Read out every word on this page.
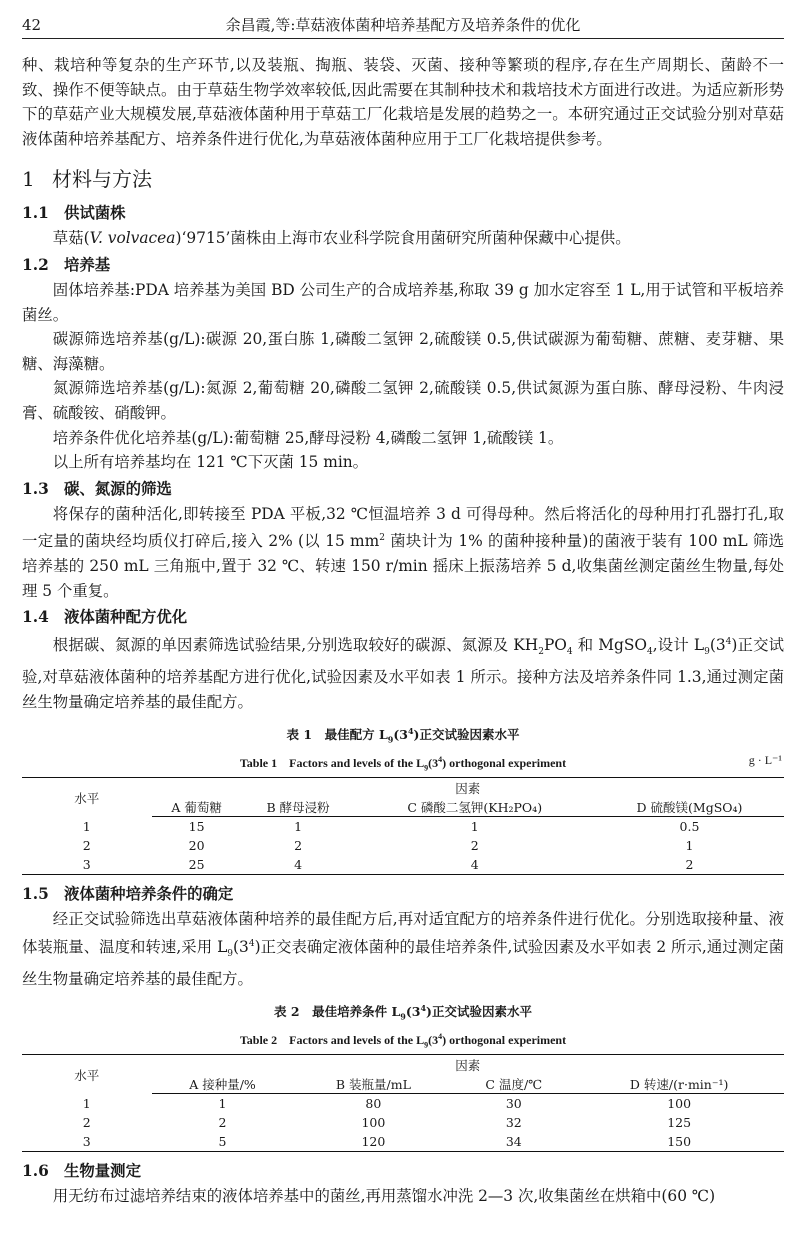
42	余昌霞,等:草菇液体菌种培养基配方及培养条件的优化

种、栽培种等复杂的生产环节,以及装瓶、掏瓶、装袋、灭菌、接种等繁琐的程序,存在生产周期长、菌龄不一致、操作不便等缺点。由于草菇生物学效率较低,因此需要在其制种技术和栽培技术方面进行改进。为适应新形势下的草菇产业大规模发展,草菇液体菌种用于草菇工厂化栽培是发展的趋势之一。本研究通过正交试验分别对草菇液体菌种培养基配方、培养条件进行优化,为草菇液体菌种应用于工厂化栽培提供参考。

1 材料与方法
1.1 供试菌株

草菇(V. volvacea)‘9715’菌株由上海市农业科学院食用菌研究所菌种保藏中心提供。

1.2 培养基

固体培养基:PDA 培养基为美国 BD 公司生产的合成培养基,称取 39 g 加水定容至 1 L,用于试管和平板培养菌丝。

碳源筛选培养基(g/L):碳源 20,蛋白胨 1,磷酸二氢钾 2,硫酸镁 0.5,供试碳源为葡萄糖、蔗糖、麦芽糖、果糖、海藻糖。

氮源筛选培养基(g/L):氮源 2,葡萄糖 20,磷酸二氢钾 2,硫酸镁 0.5,供试氮源为蛋白胨、酵母浸粉、牛肉浸膏、硫酸铵、硝酸钾。

培养条件优化培养基(g/L):葡萄糖 25,酵母浸粉 4,磷酸二氢钾 1,硫酸镁 1。

以上所有培养基均在 121 ℃下灭菌 15 min。

1.3 碳、氮源的筛选

将保存的菌种活化,即转接至 PDA 平板,32 ℃恒温培养 3 d 可得母种。然后将活化的母种用打孔器打孔,取一定量的菌块经均质仪打碎后,接入 2% (以 15 $mm^2$ 菌块计为 1% 的菌种接种量)的菌液于装有 100 mL 筛选培养基的 250 mL 三角瓶中,置于 32 ℃、转速 150 r/min 摇床上振荡培养 5 d,收集菌丝测定菌丝生物量,每处理 5 个重复。

1.4 液体菌种配方优化

根据碳、氮源的单因素筛选试验结果,分别选取较好的碳源、氮源及 $KH_2PO_4$ 和 MgSO$_4$,设计 $L_9(3^4)$正交试验,对草菇液体菌种的培养基配方进行优化,试验因素及水平如表 1 所示。接种方法及培养条件同 1.3,通过测定菌丝生物量确定培养基的最佳配方。

表 1　最佳配方 $L_9(3^4)$正交试验因素水平
Table 1　Factors and levels of the $L_9(3^4)$ orthogonal experiment	g · L⁻¹
水平	因素			
	A 葡萄糖	B 酵母浸粉	C 磷酸二氢钾(KH₂PO₄)	D 硫酸镁(MgSO₄)
1	15	1	1	0.5
2	20	2	2	1
3	25	4	4	2
1.5 液体菌种培养条件的确定

经正交试验筛选出草菇液体菌种培养的最佳配方后,再对适宜配方的培养条件进行优化。分别选取接种量、液体装瓶量、温度和转速,采用 $L_9(3^4)$正交表确定液体菌种的最佳培养条件,试验因素及水平如表 2 所示,通过测定菌丝生物量确定培养基的最佳配方。

表 2　最佳培养条件 $L_9(3^4)$正交试验因素水平
Table 2　Factors and levels of the $L_9(3^4)$ orthogonal experiment
水平	因素			
	A 接种量/%	B 装瓶量/mL	C 温度/℃	D 转速/(r·min⁻¹)
1	1	80	30	100
2	2	100	32	125
3	5	120	34	150
1.6 生物量测定

用无纺布过滤培养结束的液体培养基中的菌丝,再用蒸馏水冲洗 2—3 次,收集菌丝在烘箱中(60 ℃)
